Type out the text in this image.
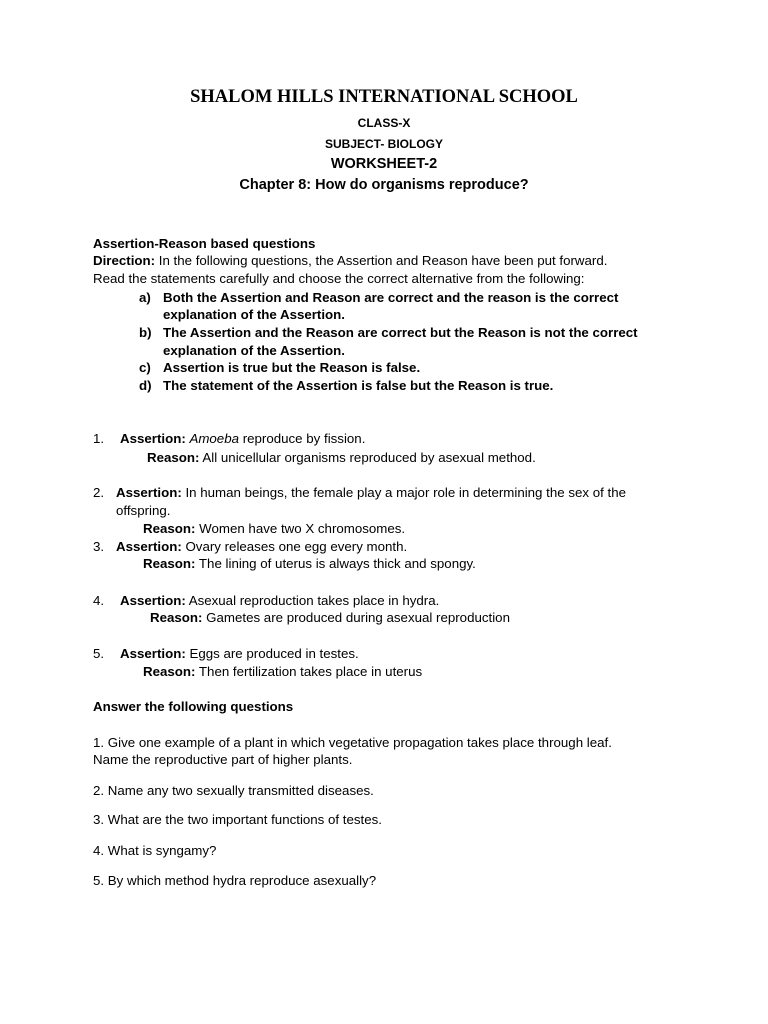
SHALOM HILLS INTERNATIONAL SCHOOL
CLASS-X
SUBJECT- BIOLOGY
WORKSHEET-2
Chapter 8: How do organisms reproduce?
Assertion-Reason based questions
Direction: In the following questions, the Assertion and Reason have been put forward.
Read the statements carefully and choose the correct alternative from the following:
a) Both the Assertion and Reason are correct and the reason is the correct
explanation of the Assertion.
b) The Assertion and the Reason are correct but the Reason is not the correct
explanation of the Assertion.
c) Assertion is true but the Reason is false.
d) The statement of the Assertion is false but the Reason is true.
1. Assertion: Amoeba reproduce by fission.
Reason: All unicellular organisms reproduced by asexual method.
2. Assertion: In human beings, the female play a major role in determining the sex of the
offspring.
Reason: Women have two X chromosomes.
3. Assertion: Ovary releases one egg every month.
Reason: The lining of uterus is always thick and spongy.
4. Assertion: Asexual reproduction takes place in hydra.
Reason: Gametes are produced during asexual reproduction
5. Assertion: Eggs are produced in testes.
Reason: Then fertilization takes place in uterus
Answer the following questions
1. Give one example of a plant in which vegetative propagation takes place through leaf.
Name the reproductive part of higher plants.
2. Name any two sexually transmitted diseases.
3. What are the two important functions of testes.
4. What is syngamy?
5. By which method hydra reproduce asexually?
